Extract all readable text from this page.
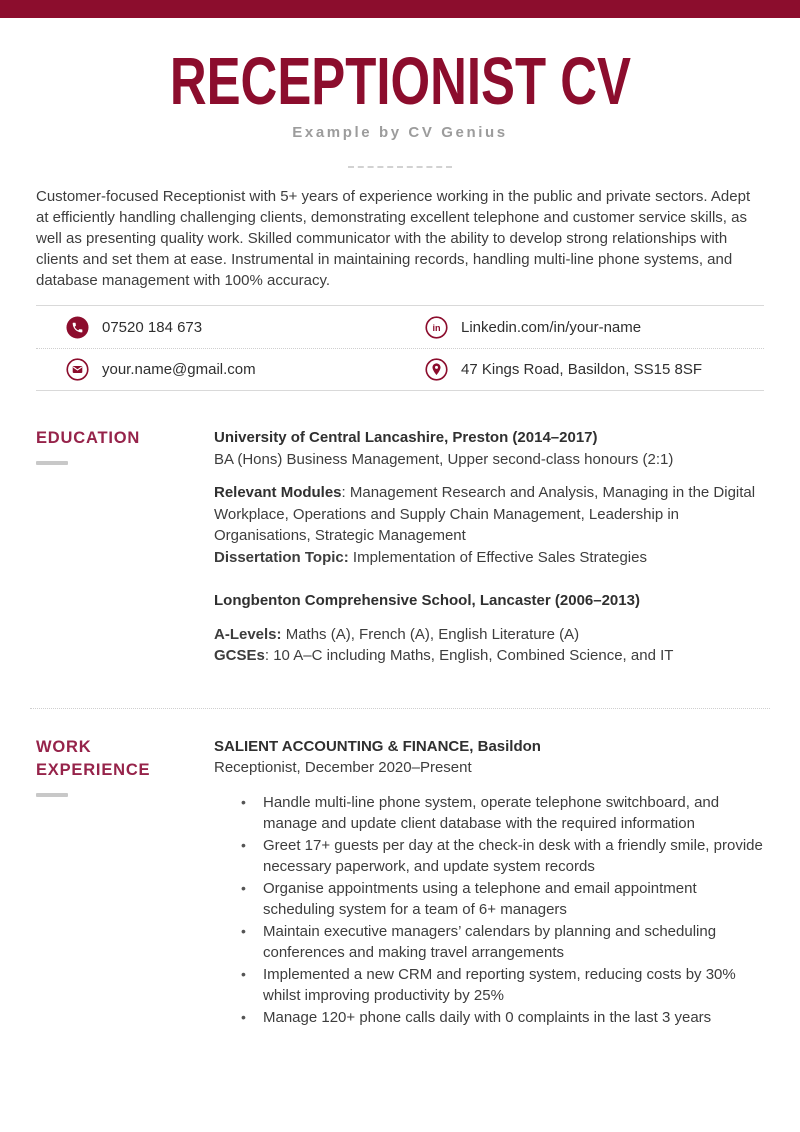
RECEPTIONIST CV
Example by CV Genius

Customer-focused Receptionist with 5+ years of experience working in the public and private sectors. Adept at efficiently handling challenging clients, demonstrating excellent telephone and customer service skills, as well as presenting quality work. Skilled communicator with the ability to develop strong relationships with clients and set them at ease. Instrumental in maintaining records, handling multi-line phone systems, and database management with 100% accuracy.

07520 184 673	in Linkedin.com/in/your-name
your.name@gmail.com	47 Kings Road, Basildon, SS15 8SF
EDUCATION	University of Central Lancashire, Preston (2014–2017)
BA (Hons) Business Management, Upper second-class honours (2:1)
Relevant Modules: Management Research and Analysis, Managing in the Digital Workplace, Operations and Supply Chain Management, Leadership in Organisations, Strategic Management
Dissertation Topic: Implementation of Effective Sales Strategies
Longbenton Comprehensive School, Lancaster (2006–2013)
A-Levels: Maths (A), French (A), English Literature (A)
GCSEs: 10 A–C including Maths, English, Combined Science, and IT
WORK
EXPERIENCE
SALIENT ACCOUNTING & FINANCE, Basildon
Receptionist, December 2020–Present
• Handle multi-line phone system, operate telephone switchboard, and manage and update client database with the required information
• Greet 17+ guests per day at the check-in desk with a friendly smile, provide necessary paperwork, and update system records
• Organise appointments using a telephone and email appointment scheduling system for a team of 6+ managers
• Maintain executive managers’ calendars by planning and scheduling conferences and making travel arrangements
• Implemented a new CRM and reporting system, reducing costs by 30% whilst improving productivity by 25%
• Manage 120+ phone calls daily with 0 complaints in the last 3 years
